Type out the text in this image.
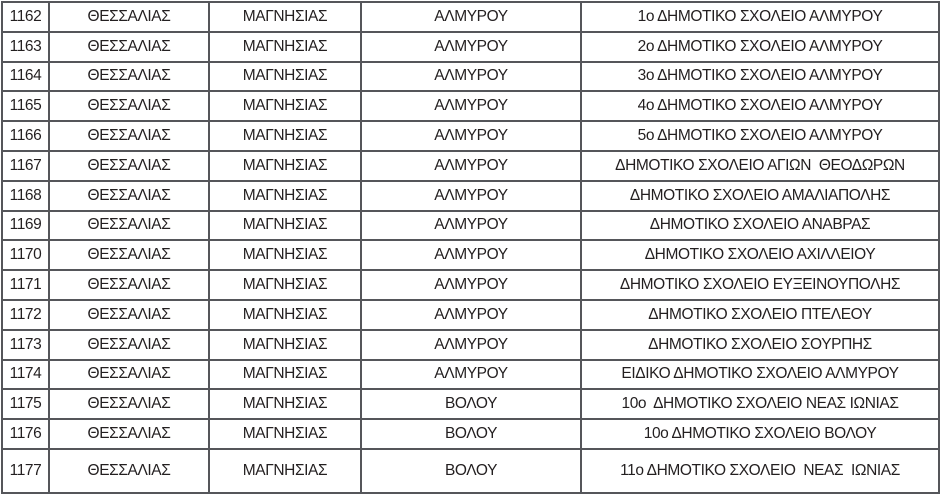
1162	ΘΕΣΣΑΛΙΑΣ	ΜΑΓΝΗΣΙΑΣ	ΑΛΜΥΡΟΥ	1ο ΔΗΜΟΤΙΚΟ ΣΧΟΛΕΙΟ ΑΛΜΥΡΟΥ
1163	ΘΕΣΣΑΛΙΑΣ	ΜΑΓΝΗΣΙΑΣ	ΑΛΜΥΡΟΥ	2ο ΔΗΜΟΤΙΚΟ ΣΧΟΛΕΙΟ ΑΛΜΥΡΟΥ
1164	ΘΕΣΣΑΛΙΑΣ	ΜΑΓΝΗΣΙΑΣ	ΑΛΜΥΡΟΥ	3ο ΔΗΜΟΤΙΚΟ ΣΧΟΛΕΙΟ ΑΛΜΥΡΟΥ
1165	ΘΕΣΣΑΛΙΑΣ	ΜΑΓΝΗΣΙΑΣ	ΑΛΜΥΡΟΥ	4ο ΔΗΜΟΤΙΚΟ ΣΧΟΛΕΙΟ ΑΛΜΥΡΟΥ
1166	ΘΕΣΣΑΛΙΑΣ	ΜΑΓΝΗΣΙΑΣ	ΑΛΜΥΡΟΥ	5ο ΔΗΜΟΤΙΚΟ ΣΧΟΛΕΙΟ ΑΛΜΥΡΟΥ
1167	ΘΕΣΣΑΛΙΑΣ	ΜΑΓΝΗΣΙΑΣ	ΑΛΜΥΡΟΥ	ΔΗΜΟΤΙΚΟ ΣΧΟΛΕΙΟ ΑΓΙΩΝ  ΘΕΟΔΩΡΩΝ
1168	ΘΕΣΣΑΛΙΑΣ	ΜΑΓΝΗΣΙΑΣ	ΑΛΜΥΡΟΥ	ΔΗΜΟΤΙΚΟ ΣΧΟΛΕΙΟ ΑΜΑΛΙΑΠΟΛΗΣ
1169	ΘΕΣΣΑΛΙΑΣ	ΜΑΓΝΗΣΙΑΣ	ΑΛΜΥΡΟΥ	ΔΗΜΟΤΙΚΟ ΣΧΟΛΕΙΟ ΑΝΑΒΡΑΣ
1170	ΘΕΣΣΑΛΙΑΣ	ΜΑΓΝΗΣΙΑΣ	ΑΛΜΥΡΟΥ	ΔΗΜΟΤΙΚΟ ΣΧΟΛΕΙΟ ΑΧΙΛΛΕΙΟΥ
1171	ΘΕΣΣΑΛΙΑΣ	ΜΑΓΝΗΣΙΑΣ	ΑΛΜΥΡΟΥ	ΔΗΜΟΤΙΚΟ ΣΧΟΛΕΙΟ ΕΥΞΕΙΝΟΥΠΟΛΗΣ
1172	ΘΕΣΣΑΛΙΑΣ	ΜΑΓΝΗΣΙΑΣ	ΑΛΜΥΡΟΥ	ΔΗΜΟΤΙΚΟ ΣΧΟΛΕΙΟ ΠΤΕΛΕΟΥ
1173	ΘΕΣΣΑΛΙΑΣ	ΜΑΓΝΗΣΙΑΣ	ΑΛΜΥΡΟΥ	ΔΗΜΟΤΙΚΟ ΣΧΟΛΕΙΟ ΣΟΥΡΠΗΣ
1174	ΘΕΣΣΑΛΙΑΣ	ΜΑΓΝΗΣΙΑΣ	ΑΛΜΥΡΟΥ	ΕΙΔΙΚΟ ΔΗΜΟΤΙΚΟ ΣΧΟΛΕΙΟ ΑΛΜΥΡΟΥ
1175	ΘΕΣΣΑΛΙΑΣ	ΜΑΓΝΗΣΙΑΣ	ΒΟΛΟΥ	10ο  ΔΗΜΟΤΙΚΟ ΣΧΟΛΕΙΟ ΝΕΑΣ ΙΩΝΙΑΣ
1176	ΘΕΣΣΑΛΙΑΣ	ΜΑΓΝΗΣΙΑΣ	ΒΟΛΟΥ	10ο ΔΗΜΟΤΙΚΟ ΣΧΟΛΕΙΟ ΒΟΛΟΥ
1177	ΘΕΣΣΑΛΙΑΣ	ΜΑΓΝΗΣΙΑΣ	ΒΟΛΟΥ	11ο ΔΗΜΟΤΙΚΟ ΣΧΟΛΕΙΟ  ΝΕΑΣ  ΙΩΝΙΑΣ
